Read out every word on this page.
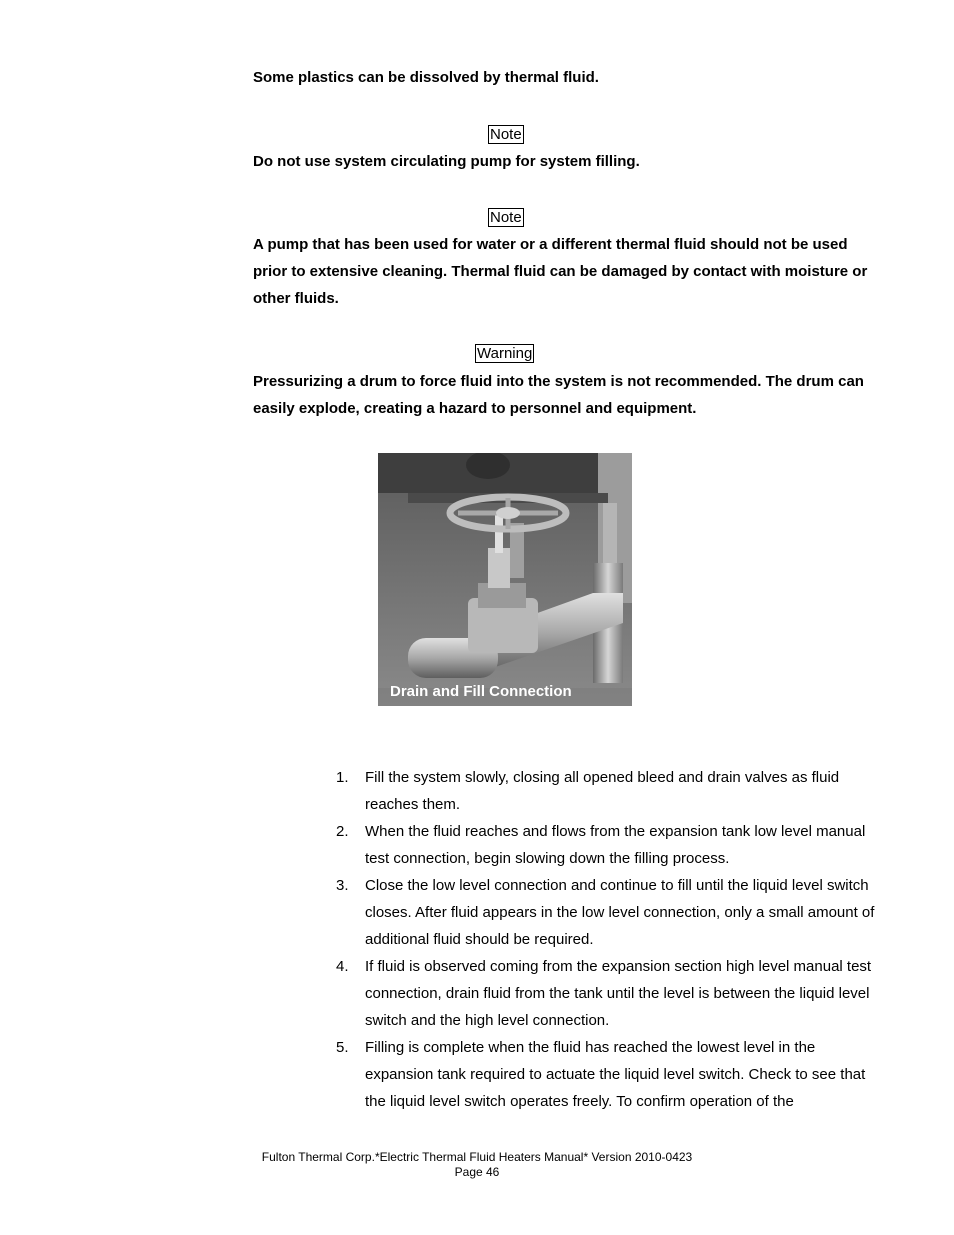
Some plastics can be dissolved by thermal fluid.
Note
Do not use system circulating pump for system filling.
Note
A pump that has been used for water or a different thermal fluid should not be used prior to extensive cleaning. Thermal fluid can be damaged by contact with moisture or other fluids.
Warning
Pressurizing a drum to force fluid into the system is not recommended. The drum can easily explode, creating a hazard to personnel and equipment.
Drain and Fill Connection
1. Fill the system slowly, closing all opened bleed and drain valves as fluid reaches them.
2. When the fluid reaches and flows from the expansion tank low level manual test connection, begin slowing down the filling process.
3. Close the low level connection and continue to fill until the liquid level switch closes. After fluid appears in the low level connection, only a small amount of additional fluid should be required.
4. If fluid is observed coming from the expansion section high level manual test connection, drain fluid from the tank until the level is between the liquid level switch and the high level connection.
5. Filling is complete when the fluid has reached the lowest level in the expansion tank required to actuate the liquid level switch. Check to see that the liquid level switch operates freely. To confirm operation of the
Fulton Thermal Corp.*Electric Thermal Fluid Heaters Manual* Version 2010-0423
Page 46
